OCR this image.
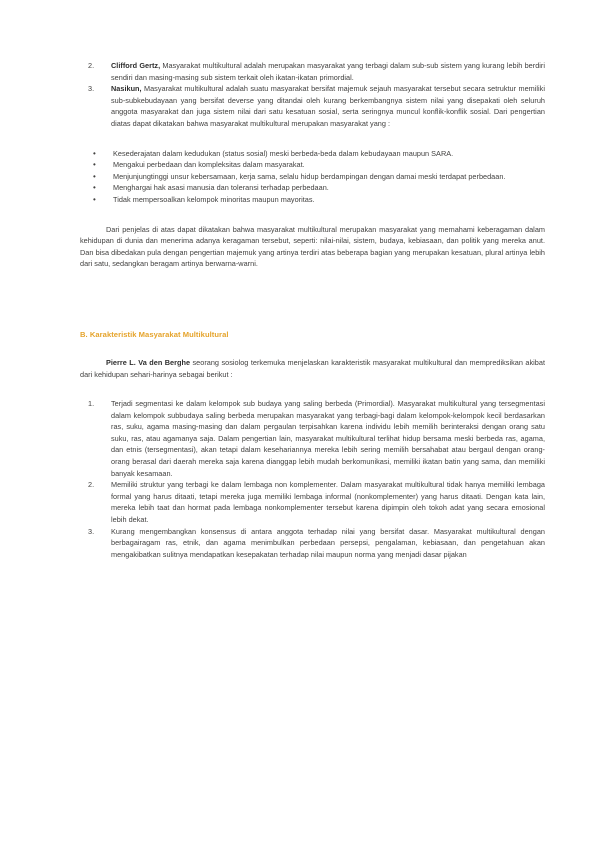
2.	Clifford Gertz, Masyarakat multikultural adalah merupakan masyarakat yang terbagi dalam sub-sub sistem yang kurang lebih berdiri sendiri dan masing-masing sub sistem terkait oleh ikatan-ikatan primordial.
3.	Nasikun, Masyarakat multikultural adalah suatu masyarakat bersifat majemuk sejauh masyarakat tersebut secara setruktur memiliki sub-subkebudayaan yang bersifat deverse yang ditandai oleh kurang berkembangnya sistem nilai yang disepakati oleh seluruh anggota masyarakat dan juga sistem nilai dari satu kesatuan sosial, serta seringnya muncul konflik-konflik sosial. Dari pengertian diatas dapat dikatakan bahwa masyarakat multikultural merupakan masyarakat yang :
• Kesederajatan dalam kedudukan (status sosial) meski berbeda-beda dalam kebudayaan maupun SARA.
• Mengakui perbedaan dan kompleksitas dalam masyarakat.
• Menjunjungtinggi unsur kebersamaan, kerja sama, selalu hidup berdampingan dengan damai meski terdapat perbedaan.
• Menghargai hak asasi manusia dan toleransi terhadap perbedaan.
• Tidak mempersoalkan kelompok minoritas maupun mayoritas.

Dari penjelas di atas dapat dikatakan bahwa masyarakat multikultural merupakan masyarakat yang memahami keberagaman dalam kehidupan di dunia dan menerima adanya keragaman tersebut, seperti: nilai-nilai, sistem, budaya, kebiasaan, dan politik yang mereka anut. Dan bisa dibedakan pula dengan pengertian majemuk yang artinya terdiri atas beberapa bagian yang merupakan kesatuan, plural artinya lebih dari satu, sedangkan beragam artinya berwarna-warni.

B. Karakteristik Masyarakat Multikultural

Pierre L. Va den Berghe seorang sosiolog terkemuka menjelaskan karakteristik masyarakat multikultural dan memprediksikan akibat dari kehidupan sehari-harinya sebagai berikut :

1.	Terjadi segmentasi ke dalam kelompok sub budaya yang saling berbeda (Primordial). Masyarakat multikultural yang tersegmentasi dalam kelompok subbudaya saling berbeda merupakan masyarakat yang terbagi-bagi dalam kelompok-kelompok kecil berdasarkan ras, suku, agama masing-masing dan dalam pergaulan terpisahkan karena individu lebih memilih berinteraksi dengan orang satu suku, ras, atau agamanya saja. Dalam pengertian lain, masyarakat multikultural terlihat hidup bersama meski berbeda ras, agama, dan etnis (tersegmentasi), akan tetapi dalam kesehariannya mereka lebih sering memilih bersahabat atau bergaul dengan orang-orang berasal dari daerah mereka saja karena dianggap lebih mudah berkomunikasi, memiliki ikatan batin yang sama, dan memiliki banyak kesamaan.
2.	Memiliki struktur yang terbagi ke dalam lembaga non komplementer. Dalam masyarakat multikultural tidak hanya memiliki lembaga formal yang harus ditaati, tetapi mereka juga memiliki lembaga informal (nonkomplementer) yang harus ditaati. Dengan kata lain, mereka lebih taat dan hormat pada lembaga nonkomplementer tersebut karena dipimpin oleh tokoh adat yang secara emosional lebih dekat.
3.	Kurang mengembangkan konsensus di antara anggota terhadap nilai yang bersifat dasar. Masyarakat multikultural dengan berbagairagam ras, etnik, dan agama menimbulkan perbedaan persepsi, pengalaman, kebiasaan, dan pengetahuan akan mengakibatkan sulitnya mendapatkan kesepakatan terhadap nilai maupun norma yang menjadi dasar pijakan
